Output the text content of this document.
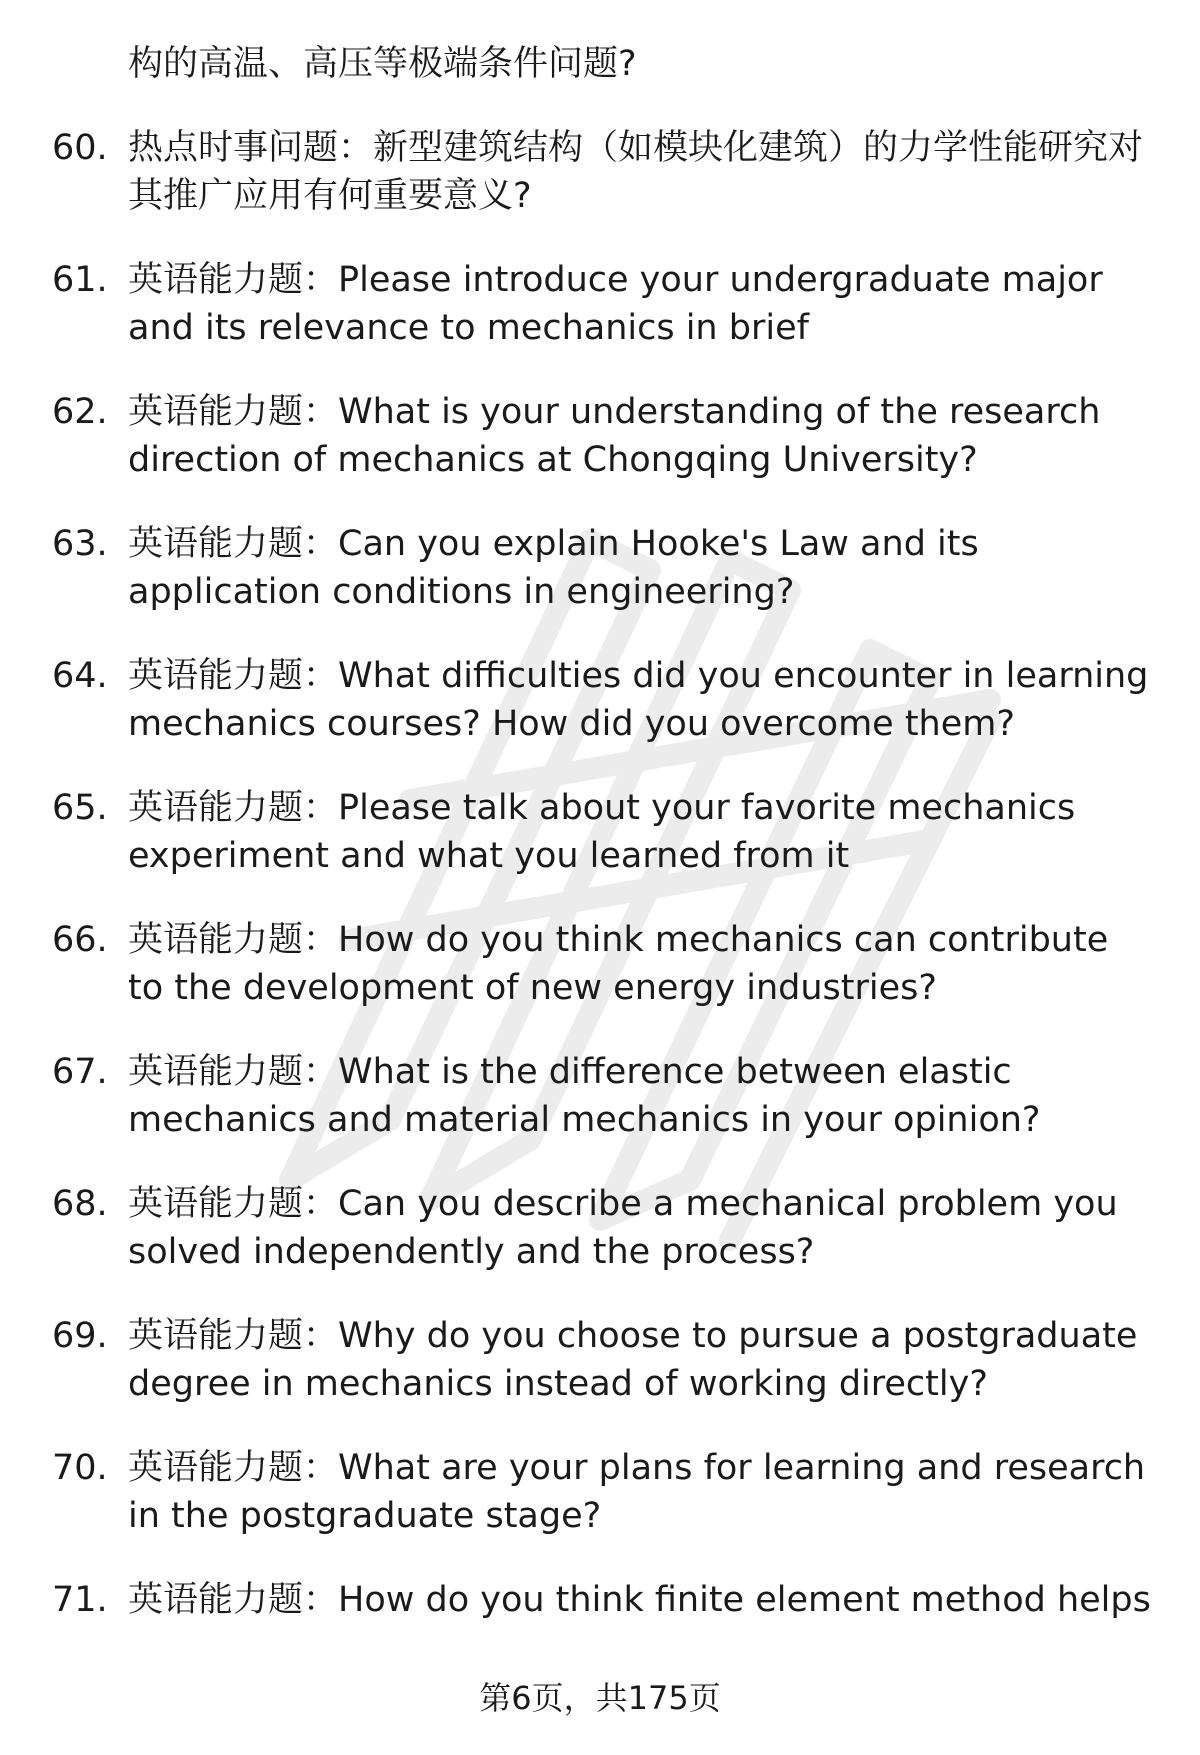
构的高温、高压等极端条件问题?
60. 热点时事问题：新型建筑结构（如模块化建筑）的力学性能研究对其推广应用有何重要意义?
61. 英语能力题：Please introduce your undergraduate major and its relevance to mechanics in brief
62. 英语能力题：What is your understanding of the research direction of mechanics at Chongqing University?
63. 英语能力题：Can you explain Hooke's Law and its application conditions in engineering?
64. 英语能力题：What difficulties did you encounter in learning mechanics courses? How did you overcome them?
65. 英语能力题：Please talk about your favorite mechanics experiment and what you learned from it
66. 英语能力题：How do you think mechanics can contribute to the development of new energy industries?
67. 英语能力题：What is the difference between elastic mechanics and material mechanics in your opinion?
68. 英语能力题：Can you describe a mechanical problem you solved independently and the process?
69. 英语能力题：Why do you choose to pursue a postgraduate degree in mechanics instead of working directly?
70. 英语能力题：What are your plans for learning and research in the postgraduate stage?
71. 英语能力题：How do you think finite element method helps
第6页，共175页
